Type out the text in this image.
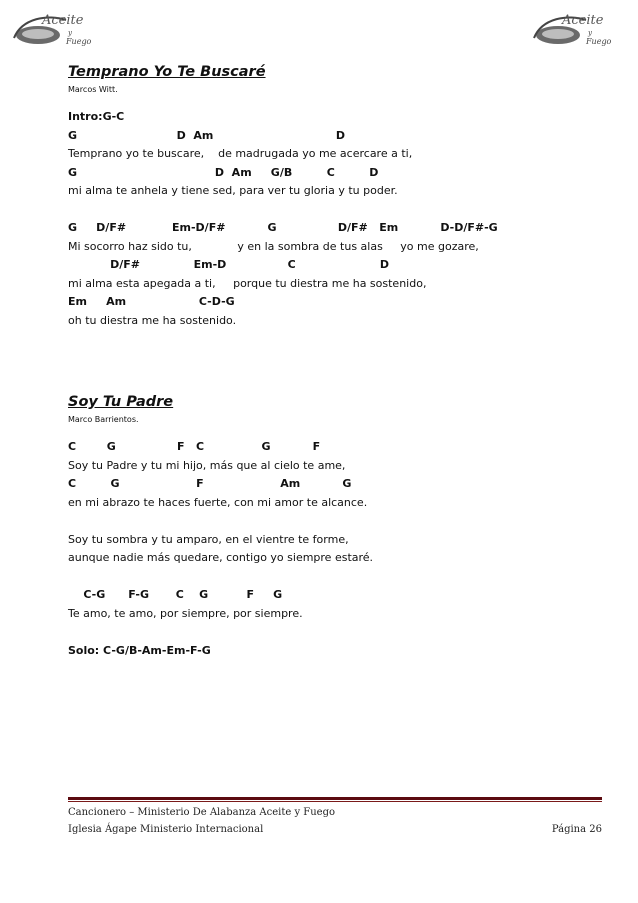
Aceite
y
Fuego
Aceite
y
Fuego
Temprano Yo Te Buscaré
Marcos Witt.
Intro:G-C
G                          D  Am                                D
Temprano yo te buscare,    de madrugada yo me acercare a ti,
G                                    D  Am     G/B         C         D
mi alma te anhela y tiene sed, para ver tu gloria y tu poder.
G     D/F#            Em-D/F#           G                D/F#   Em           D-D/F#-G
Mi socorro haz sido tu,             y en la sombra de tus alas     yo me gozare,
D/F#              Em-D                C                      D
mi alma esta apegada a ti,     porque tu diestra me ha sostenido,
Em     Am                   C-D-G
oh tu diestra me ha sostenido.
Soy Tu Padre
Marco Barrientos.
C        G                F   C               G           F
Soy tu Padre y tu mi hijo, más que al cielo te ame,
C         G                    F                    Am           G
en mi abrazo te haces fuerte, con mi amor te alcance.
Soy tu sombra y tu amparo, en el vientre te forme,
aunque nadie más quedare, contigo yo siempre estaré.
C-G      F-G       C    G          F     G
Te amo, te amo, por siempre, por siempre.
Solo: C-G/B-Am-Em-F-G
Cancionero – Ministerio De Alabanza Aceite y Fuego
Iglesia Ágape Ministerio Internacional	Página 26
